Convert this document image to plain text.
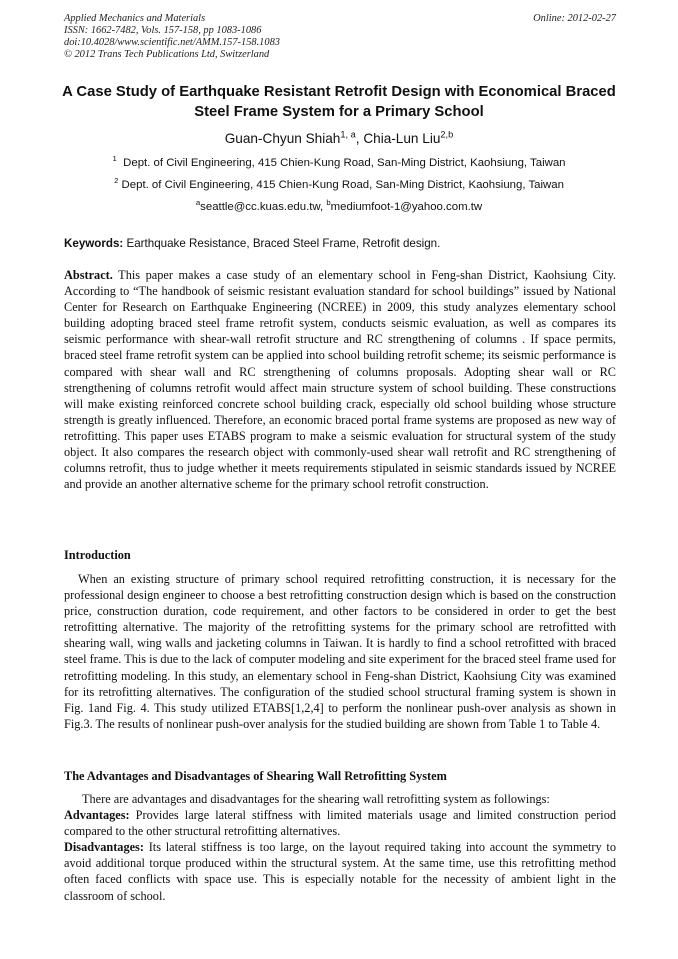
Applied Mechanics and Materials
ISSN: 1662-7482, Vols. 157-158, pp 1083-1086
doi:10.4028/www.scientific.net/AMM.157-158.1083
© 2012 Trans Tech Publications Ltd, Switzerland
Online: 2012-02-27
A Case Study of Earthquake Resistant Retrofit Design with Economical Braced Steel Frame System for a Primary School
Guan-Chyun Shiah$^{1, a}$, Chia-Lun Liu$^{2,b}$
$^1$ Dept. of Civil Engineering, 415 Chien-Kung Road, San-Ming District, Kaohsiung, Taiwan
$^2$ Dept. of Civil Engineering, 415 Chien-Kung Road, San-Ming District, Kaohsiung, Taiwan
$^a$seattle@cc.kuas.edu.tw, $^b$mediumfoot-1@yahoo.com.tw
Keywords: Earthquake Resistance, Braced Steel Frame, Retrofit design.
Abstract. This paper makes a case study of an elementary school in Feng-shan District, Kaohsiung City. According to “The handbook of seismic resistant evaluation standard for school buildings” issued by National Center for Research on Earthquake Engineering (NCREE) in 2009, this study analyzes elementary school building adopting braced steel frame retrofit system, conducts seismic evaluation, as well as compares its seismic performance with shear-wall retrofit structure and RC strengthening of columns . If space permits, braced steel frame retrofit system can be applied into school building retrofit scheme; its seismic performance is compared with shear wall and RC strengthening of columns proposals. Adopting shear wall or RC strengthening of columns retrofit would affect main structure system of school building. These constructions will make existing reinforced concrete school building crack, especially old school building whose structure strength is greatly influenced. Therefore, an economic braced portal frame systems are proposed as new way of retrofitting. This paper uses ETABS program to make a seismic evaluation for structural system of the study object. It also compares the research object with commonly-used shear wall retrofit and RC strengthening of columns retrofit, thus to judge whether it meets requirements stipulated in seismic standards issued by NCREE and provide an another alternative scheme for the primary school retrofit construction.
Introduction
When an existing structure of primary school required retrofitting construction, it is necessary for the professional design engineer to choose a best retrofitting construction design which is based on the construction price, construction duration, code requirement, and other factors to be considered in order to get the best retrofitting alternative. The majority of the retrofitting systems for the primary school are retrofitted with shearing wall, wing walls and jacketing columns in Taiwan. It is hardly to find a school retrofitted with braced steel frame. This is due to the lack of computer modeling and site experiment for the braced steel frame used for retrofitting modeling. In this study, an elementary school in Feng-shan District, Kaohsiung City was examined for its retrofitting alternatives. The configuration of the studied school structural framing system is shown in Fig. 1and Fig. 4. This study utilized ETABS[1,2,4] to perform the nonlinear push-over analysis as shown in Fig.3. The results of nonlinear push-over analysis for the studied building are shown from Table 1 to Table 4.
The Advantages and Disadvantages of Shearing Wall Retrofitting System
There are advantages and disadvantages for the shearing wall retrofitting system as followings:
Advantages: Provides large lateral stiffness with limited materials usage and limited construction period compared to the other structural retrofitting alternatives.
Disadvantages: Its lateral stiffness is too large, on the layout required taking into account the symmetry to avoid additional torque produced within the structural system. At the same time, use this retrofitting method often faced conflicts with space use. This is especially notable for the necessity of ambient light in the classroom of school.
